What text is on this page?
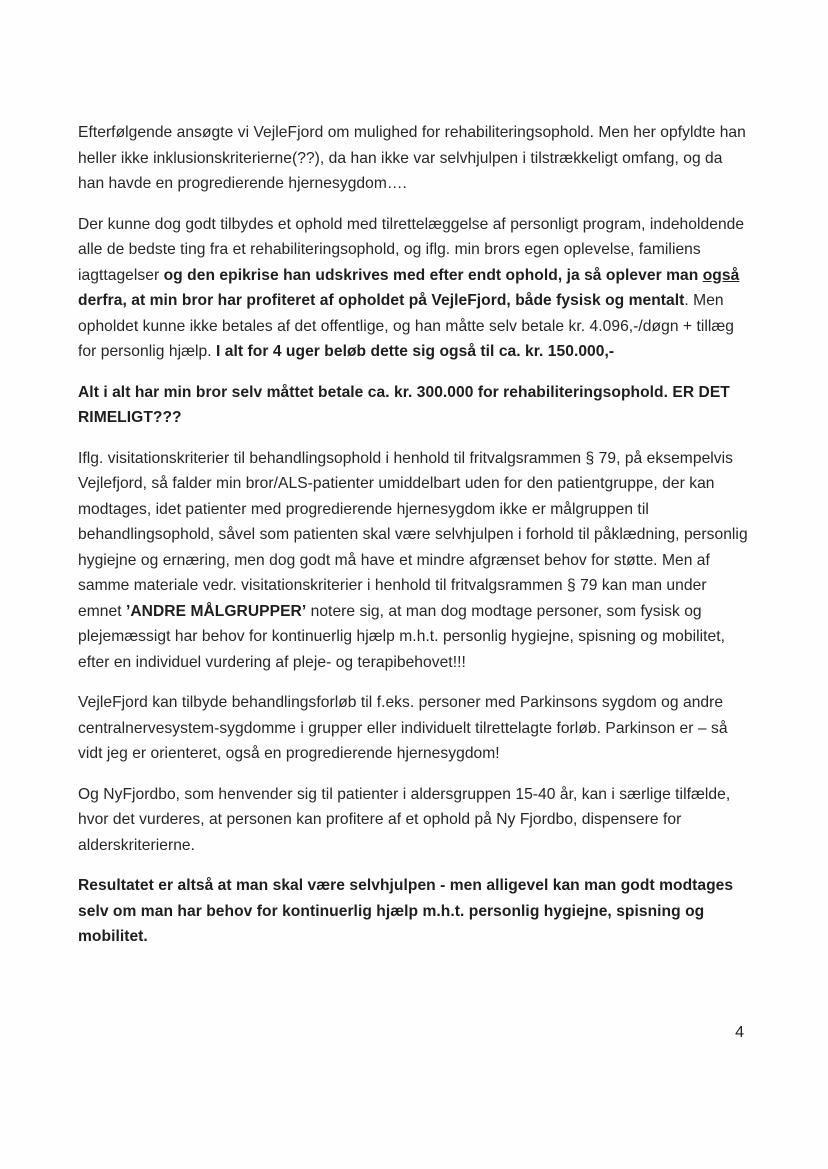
Efterfølgende ansøgte vi VejleFjord om mulighed for rehabiliteringsophold. Men her opfyldte han heller ikke inklusionskriterierne(??), da han ikke var selvhjulpen i tilstrækkeligt omfang, og da han havde en progredierende hjernesygdom….

Der kunne dog godt tilbydes et ophold med tilrettelæggelse af personligt program, indeholdende alle de bedste ting fra et rehabiliteringsophold, og iflg. min brors egen oplevelse, familiens iagttagelser og den epikrise han udskrives med efter endt ophold, ja så oplever man også derfra, at min bror har profiteret af opholdet på VejleFjord, både fysisk og mentalt. Men opholdet kunne ikke betales af det offentlige, og han måtte selv betale kr. 4.096,-/døgn + tillæg for personlig hjælp. I alt for 4 uger beløb dette sig også til ca. kr. 150.000,-

Alt i alt har min bror selv måttet betale ca. kr. 300.000 for rehabiliteringsophold. ER DET RIMELIGT???

Iflg. visitationskriterier til behandlingsophold i henhold til fritvalgsrammen § 79, på eksempelvis Vejlefjord, så falder min bror/ALS-patienter umiddelbart uden for den patientgruppe, der kan modtages, idet patienter med progredierende hjernesygdom ikke er målgruppen til behandlingsophold, såvel som patienten skal være selvhjulpen i forhold til påklædning, personlig hygiejne og ernæring, men dog godt må have et mindre afgrænset behov for støtte. Men af samme materiale vedr. visitationskriterier i henhold til fritvalgsrammen § 79 kan man under emnet ’ANDRE MÅLGRUPPER’ notere sig, at man dog modtage personer, som fysisk og plejemæssigt har behov for kontinuerlig hjælp m.h.t. personlig hygiejne, spisning og mobilitet, efter en individuel vurdering af pleje- og terapibehovet!!!

VejleFjord kan tilbyde behandlingsforløb til f.eks. personer med Parkinsons sygdom og andre centralnervesystem-sygdomme i grupper eller individuelt tilrettelagte forløb. Parkinson er – så vidt jeg er orienteret, også en progredierende hjernesygdom!

Og NyFjordbo, som henvender sig til patienter i aldersgruppen 15-40 år, kan i særlige tilfælde, hvor det vurderes, at personen kan profitere af et ophold på Ny Fjordbo, dispensere for alderskriterierne.

Resultatet er altså at man skal være selvhjulpen - men alligevel kan man godt modtages selv om man har behov for kontinuerlig hjælp m.h.t. personlig hygiejne, spisning og mobilitet.

4
